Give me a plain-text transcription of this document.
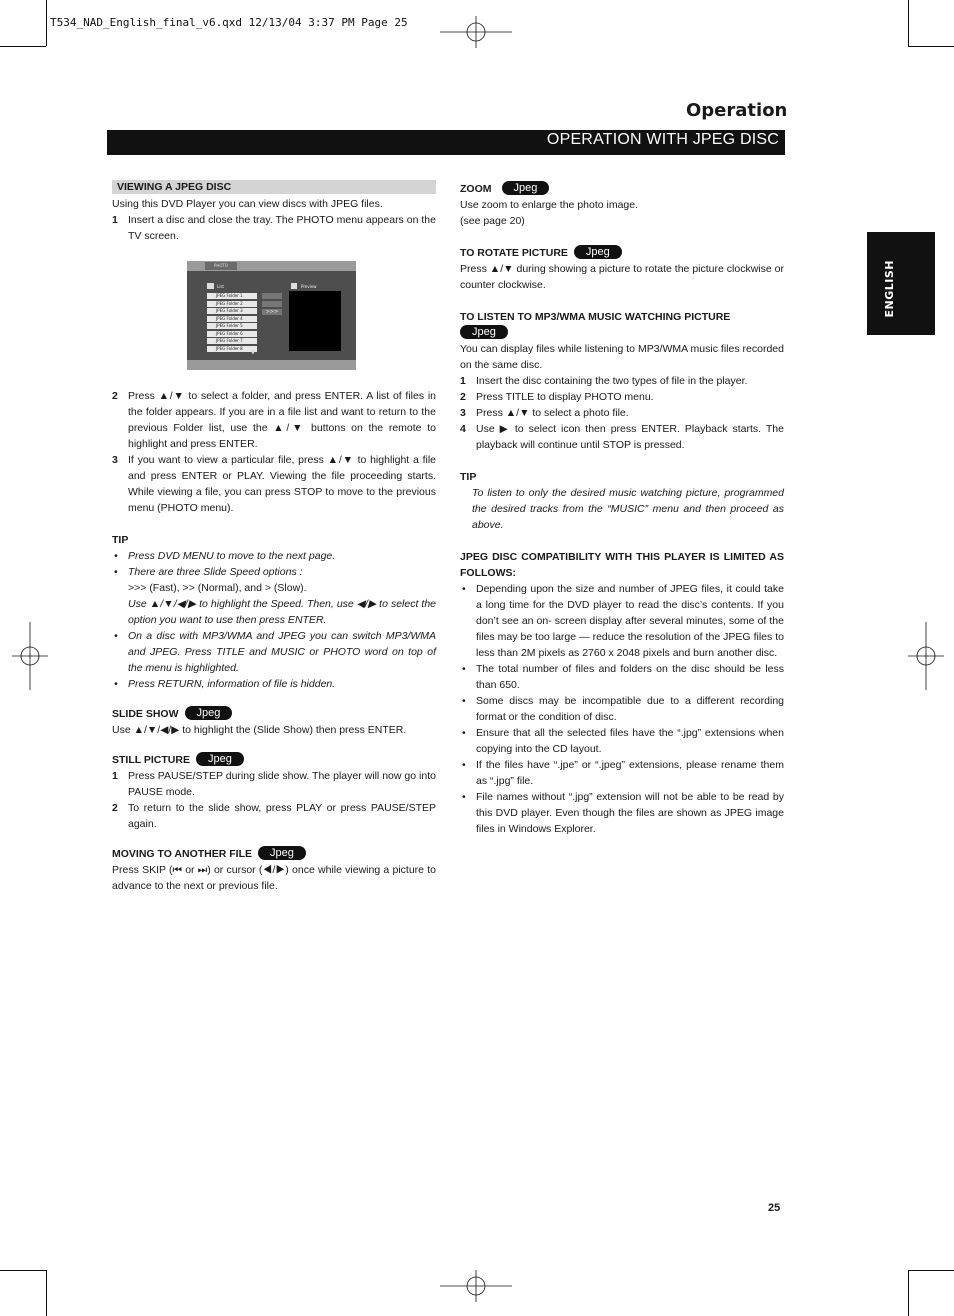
T534_NAD_English_final_v6.qxd 12/13/04 3:37 PM Page 25
Operation
OPERATION WITH JPEG DISC
ENGLISH
VIEWING A JPEG DISC

Using this DVD Player you can view discs with JPEG files.

1 Insert a disc and close the tray. The PHOTO menu appears on the TV screen.
PHOTO
List	Preview
JPEG Folder 1
JPEG Folder 2
JPEG Folder 3
JPEG Folder 4
JPEG Folder 5
JPEG Folder 6
JPEG Folder 7
JPEG Folder 8
>>>
▼
2 Press ▲/▼ to select a folder, and press ENTER. A list of files in the folder appears. If you are in a file list and want to return to the previous Folder list, use the ▲/▼ buttons on the remote to highlight and press ENTER.
3 If you want to view a particular file, press ▲/▼ to highlight a file and press ENTER or PLAY. Viewing the file proceeding starts. While viewing a file, you can press STOP to move to the previous menu (PHOTO menu).

TIP

• Press DVD MENU to move to the next page.
• There are three Slide Speed options :
>>> (Fast), >> (Normal), and > (Slow).
Use ▲/▼/◀/▶ to highlight the Speed. Then, use ◀/▶ to select the option you want to use then press ENTER.
• On a disc with MP3/WMA and JPEG you can switch MP3/WMA and JPEG. Press TITLE and MUSIC or PHOTO word on top of the menu is highlighted.
• Press RETURN, information of file is hidden.

SLIDE SHOW Jpeg

Use ▲/▼/◀/▶ to highlight the (Slide Show) then press ENTER.

STILL PICTURE Jpeg

1 Press PAUSE/STEP during slide show. The player will now go into PAUSE mode.
2 To return to the slide show, press PLAY or press PAUSE/STEP again.

MOVING TO ANOTHER FILE Jpeg

Press SKIP (⏮ or ⏭) or cursor (◀/▶) once while viewing a picture to advance to the next or previous file.

ZOOM Jpeg

Use zoom to enlarge the photo image.

(see page 20)

TO ROTATE PICTURE Jpeg

Press ▲/▼ during showing a picture to rotate the picture clockwise or counter clockwise.

TO LISTEN TO MP3/WMA MUSIC WATCHING PICTURE

Jpeg

You can display files while listening to MP3/WMA music files recorded on the same disc.

1 Insert the disc containing the two types of file in the player.
2 Press TITLE to display PHOTO menu.
3 Press ▲/▼ to select a photo file.
4 Use ▶ to select icon then press ENTER. Playback starts. The playback will continue until STOP is pressed.

TIP

To listen to only the desired music watching picture, programmed the desired tracks from the “MUSIC” menu and then proceed as above.

JPEG DISC COMPATIBILITY WITH THIS PLAYER IS LIMITED AS FOLLOWS:

• Depending upon the size and number of JPEG files, it could take a long time for the DVD player to read the disc’s contents. If you don’t see an on- screen display after several minutes, some of the files may be too large — reduce the resolution of the JPEG files to less than 2M pixels as 2760 x 2048 pixels and burn another disc.
• The total number of files and folders on the disc should be less than 650.
• Some discs may be incompatible due to a different recording format or the condition of disc.
• Ensure that all the selected files have the “.jpg” extensions when copying into the CD layout.
• If the files have “.jpe” or “.jpeg” extensions, please rename them as “.jpg” file.
• File names without “.jpg” extension will not be able to be read by this DVD player. Even though the files are shown as JPEG image files in Windows Explorer.
25
